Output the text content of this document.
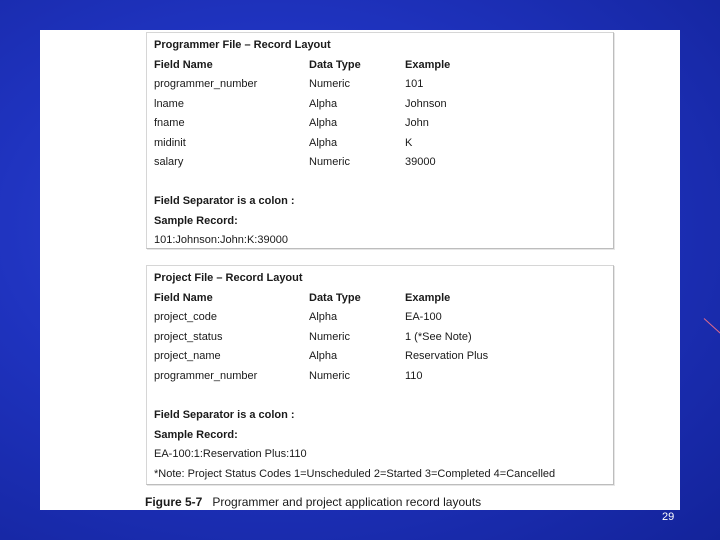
Programmer File – Record Layout
Field Name	Data Type	Example
programmer_number	Numeric	101
lname	Alpha	Johnson
fname	Alpha	John
midinit	Alpha	K
salary	Numeric	39000
Field Separator is a colon :
Sample Record:
101:Johnson:John:K:39000
Project File – Record Layout
Field Name	Data Type	Example
project_code	Alpha	EA-100
project_status	Numeric	1 (*See Note)
project_name	Alpha	Reservation Plus
programmer_number	Numeric	110
Field Separator is a colon :
Sample Record:
EA-100:1:Reservation Plus:110
*Note: Project Status Codes 1=Unscheduled 2=Started 3=Completed 4=Cancelled
Figure 5-7 Programmer and project application record layouts
29
